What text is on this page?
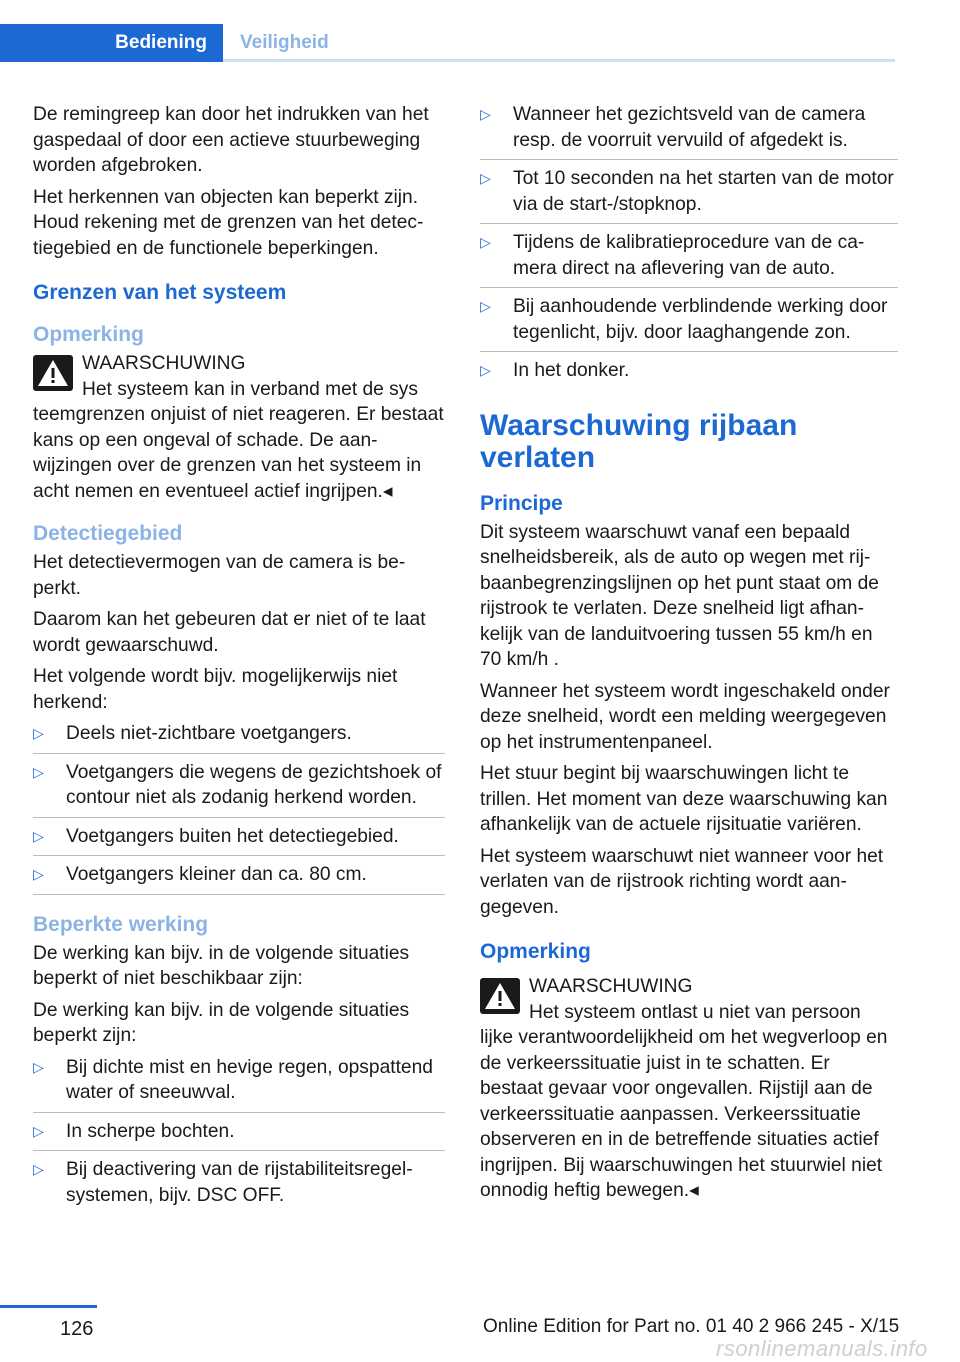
Bediening	Veiligheid

De remingreep kan door het indrukken van het gaspedaal of door een actieve stuurbeweging worden afgebroken.

Het herkennen van objecten kan beperkt zijn. Houd rekening met de grenzen van het detectiegebied en de functionele beperkingen.

Grenzen van het systeem
Opmerking
WAARSCHUWING
Het systeem kan in verband met de sys

teemgrenzen onjuist of niet reageren. Er bestaat kans op een ongeval of schade. De aanwijzingen over de grenzen van het systeem in acht nemen en eventueel actief ingrijpen.◂

Detectiegebied

Het detectievermogen van de camera is beperkt.

Daarom kan het gebeuren dat er niet of te laat wordt gewaarschuwd.

Het volgende wordt bijv. mogelijkerwijs niet herkend:

▷ Deels niet-zichtbare voetgangers.
▷ Voetgangers die wegens de gezichtshoek of contour niet als zodanig herkend worden.
▷ Voetgangers buiten het detectiegebied.
▷ Voetgangers kleiner dan ca. 80 cm.
Beperkte werking

De werking kan bijv. in de volgende situaties beperkt of niet beschikbaar zijn:

De werking kan bijv. in de volgende situaties beperkt zijn:

▷ Bij dichte mist en hevige regen, opspattend water of sneeuwval.
▷ In scherpe bochten.
▷ Bij deactivering van de rijstabiliteitsregelsystemen, bijv. DSC OFF.
▷ Wanneer het gezichtsveld van de camera resp. de voorruit vervuild of afgedekt is.
▷ Tot 10 seconden na het starten van de motor via de start-/stopknop.
▷ Tijdens de kalibratieprocedure van de camera direct na aflevering van de auto.
▷ Bij aanhoudende verblindende werking door tegenlicht, bijv. door laaghangende zon.
▷ In het donker.
Waarschuwing rijbaan verlaten
Principe

Dit systeem waarschuwt vanaf een bepaald snelheidsbereik, als de auto op wegen met rijbaanbegrenzingslijnen op het punt staat om de rijstrook te verlaten. Deze snelheid ligt afhankelijk van de landuitvoering tussen 55 km/h en 70 km/h .

Wanneer het systeem wordt ingeschakeld onder deze snelheid, wordt een melding weergegeven op het instrumentenpaneel.

Het stuur begint bij waarschuwingen licht te trillen. Het moment van deze waarschuwing kan afhankelijk van de actuele rijsituatie variëren.

Het systeem waarschuwt niet wanneer voor het verlaten van de rijstrook richting wordt aangegeven.

Opmerking
WAARSCHUWING
Het systeem ontlast u niet van persoon

lijke verantwoordelijkheid om het wegverloop en de verkeerssituatie juist in te schatten. Er bestaat gevaar voor ongevallen. Rijstijl aan de verkeerssituatie aanpassen. Verkeerssituatie observeren en in de betreffende situaties actief ingrijpen. Bij waarschuwingen het stuurwiel niet onnodig heftig bewegen.◂

126	Online Edition for Part no. 01 40 2 966 245 - X/15
rsonlinemanuals.info
